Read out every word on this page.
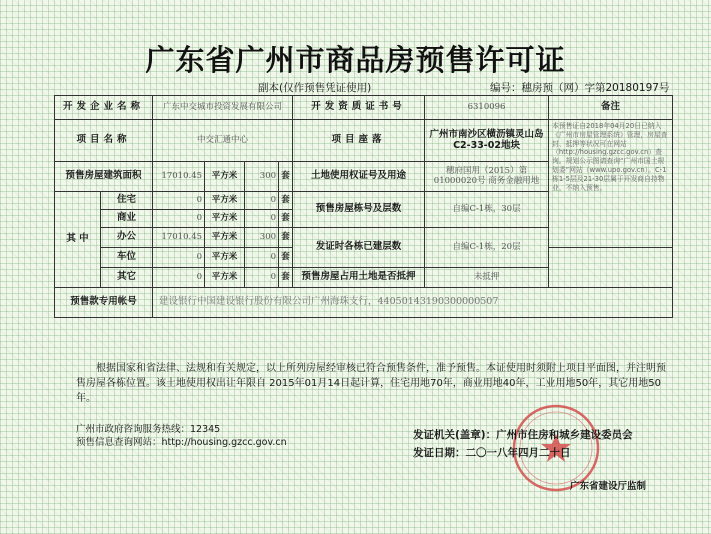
广东省广州市商品房预售许可证
副本(仅作预售凭证使用)	编号：穗房预（网）字第20180197号
开发企业名称		广东中交城市投资发展有限公司				开发资质证书号	6310096	备注	
项目名称		中交汇通中心				项目座落	广州市南沙区横沥镇灵山岛C2-33-02地块	本预售证自2018年04月20日已纳入《广州市房屋管理系统》管理，房屋查封、抵押等状况可在网站（http://housing.gzcc.gov.cn）查询。规划公示图请查询“广州市国土规划委”网站（www.upo.gov.cn）。C-1栋1-5层及21-30层属于开发商自持物业，不纳入预售。	
预售房屋建筑面积		17010.45	平方米	300	套	土地使用权证号及用途	穗府国用（2015）第01000020号 商务金融用地		
其 中	住宅	0	平方米	0	套	预售房屋栋号及层数	自编C-1栋，30层		
	商业	0	平方米	0	套				
	办公	17010.45	平方米	300	套	发证时各栋已建层数	自编C-1栋，20层		
	车位	0	平方米	0	套				
	其它	0	平方米	0	套	预售房屋占用土地是否抵押	未抵押		
预售款专用帐号		建设银行中国建设银行股份有限公司广州海珠支行，44050143190300000507							
根据国家和省法律、法规和有关规定，以上所列房屋经审核已符合预售条件，准予预售。本证使用时须附上项目平面图，并注明预售房屋各栋位置。该土地使用权出让年限自 2015年01月14日起计算，住宅用地70年，商业用地40年，工业用地50年，其它用地50年。
广州市政府咨询服务热线：12345
预售信息查询网站：http://housing.gzcc.gov.cn
发证机关(盖章)：广州市住房和城乡建设委员会
发证日期：二〇一八年四月二十日
广东省建设厅监制
